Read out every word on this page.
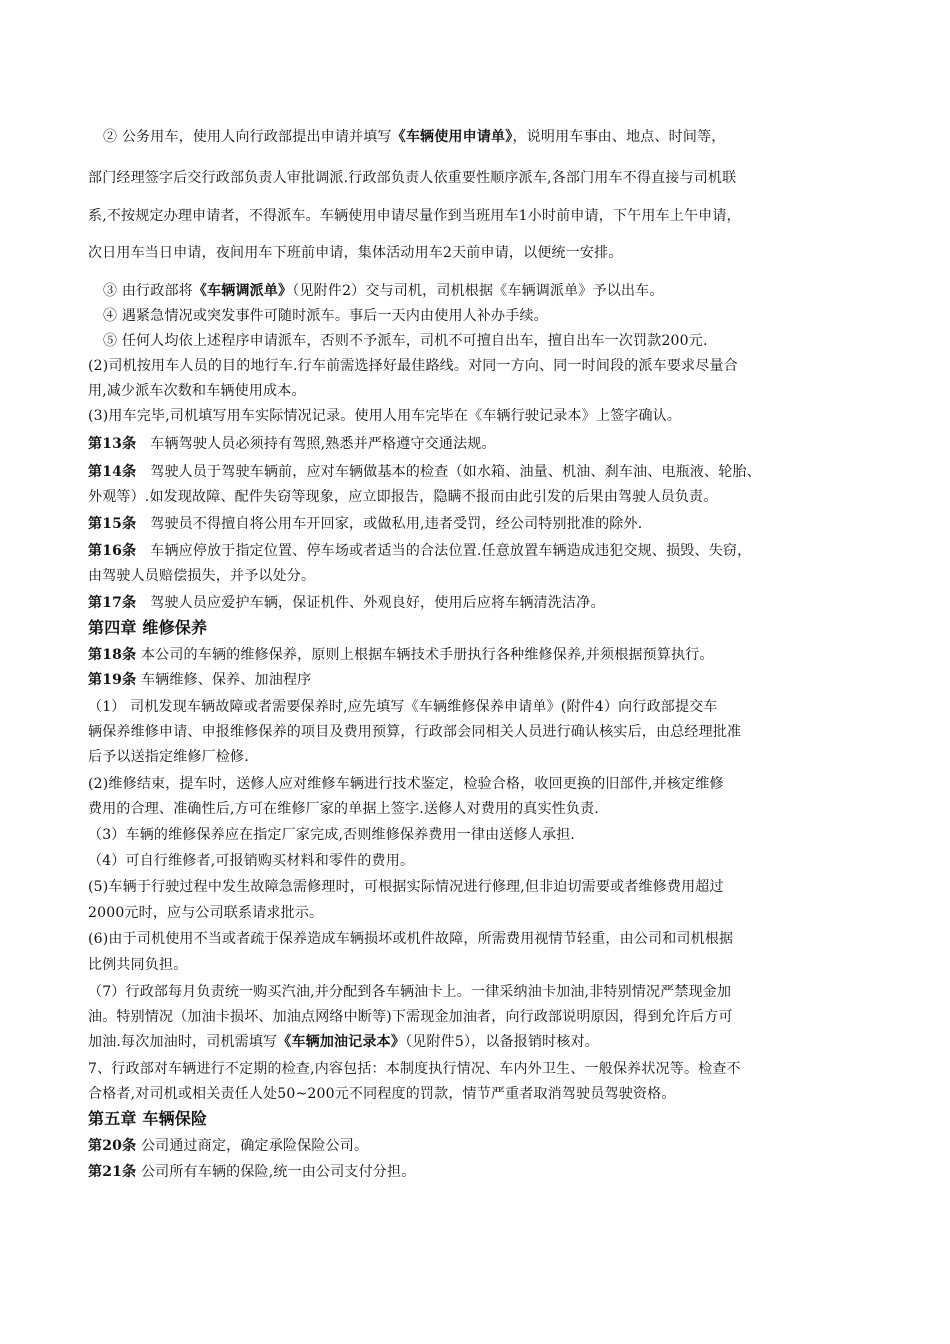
② 公务用车，使用人向行政部提出申请并填写《车辆使用申请单》，说明用车事由、地点、时间等，
部门经理签字后交行政部负责人审批调派.行政部负责人依重要性顺序派车,各部门用车不得直接与司机联
系,不按规定办理申请者，不得派车。车辆使用申请尽量作到当班用车1小时前申请，下午用车上午申请，
次日用车当日申请，夜间用车下班前申请，集体活动用车2天前申请，以便统一安排。
③ 由行政部将《车辆调派单》（见附件2）交与司机，司机根据《车辆调派单》予以出车。
④ 遇紧急情况或突发事件可随时派车。事后一天内由使用人补办手续。
⑤ 任何人均依上述程序申请派车，否则不予派车，司机不可擅自出车，擅自出车一次罚款200元.
(2)司机按用车人员的目的地行车.行车前需选择好最佳路线。对同一方向、同一时间段的派车要求尽量合
用,减少派车次数和车辆使用成本。
(3)用车完毕,司机填写用车实际情况记录。使用人用车完毕在《车辆行驶记录本》上签字确认。
第13条 车辆驾驶人员必须持有驾照,熟悉并严格遵守交通法规。
第14条 驾驶人员于驾驶车辆前，应对车辆做基本的检查（如水箱、油量、机油、刹车油、电瓶液、轮胎、
外观等）.如发现故障、配件失窃等现象，应立即报告，隐瞒不报而由此引发的后果由驾驶人员负责。
第15条 驾驶员不得擅自将公用车开回家，或做私用,违者受罚，经公司特别批准的除外.
第16条 车辆应停放于指定位置、停车场或者适当的合法位置.任意放置车辆造成违犯交规、损毁、失窃，
由驾驶人员赔偿损失，并予以处分。
第17条 驾驶人员应爱护车辆，保证机件、外观良好，使用后应将车辆清洗洁净。
第四章 维修保养
第18条 本公司的车辆的维修保养，原则上根据车辆技术手册执行各种维修保养,并须根据预算执行。
第19条 车辆维修、保养、加油程序
（1） 司机发现车辆故障或者需要保养时,应先填写《车辆维修保养申请单》(附件4）向行政部提交车
辆保养维修申请、申报维修保养的项目及费用预算，行政部会同相关人员进行确认核实后，由总经理批准
后予以送指定维修厂检修.
(2)维修结束，提车时，送修人应对维修车辆进行技术鉴定，检验合格，收回更换的旧部件,并核定维修
费用的合理、准确性后,方可在维修厂家的单据上签字.送修人对费用的真实性负责.
（3）车辆的维修保养应在指定厂家完成,否则维修保养费用一律由送修人承担.
（4）可自行维修者,可报销购买材料和零件的费用。
(5)车辆于行驶过程中发生故障急需修理时，可根据实际情况进行修理,但非迫切需要或者维修费用超过
2000元时，应与公司联系请求批示。
(6)由于司机使用不当或者疏于保养造成车辆损坏或机件故障，所需费用视情节轻重，由公司和司机根据
比例共同负担。
（7）行政部每月负责统一购买汽油,并分配到各车辆油卡上。一律采纳油卡加油,非特别情况严禁现金加
油。特别情况（加油卡损坏、加油点网络中断等)下需现金加油者，向行政部说明原因，得到允许后方可
加油.每次加油时，司机需填写《车辆加油记录本》（见附件5），以备报销时核对。
7、行政部对车辆进行不定期的检查,内容包括：本制度执行情况、车内外卫生、一般保养状况等。检查不
合格者,对司机或相关责任人处50~200元不同程度的罚款，情节严重者取消驾驶员驾驶资格。
第五章 车辆保险
第20条 公司通过商定，确定承险保险公司。
第21条 公司所有车辆的保险,统一由公司支付分担。
